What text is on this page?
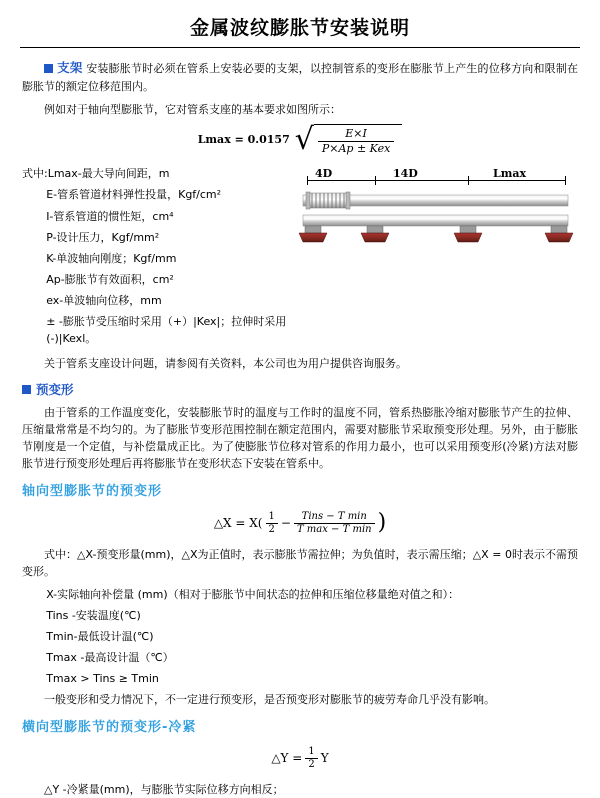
金属波纹膨胀节安装说明

支架 安装膨胀节时必须在管系上安装必要的支架，以控制管系的变形在膨胀节上产生的位移方向和限制在膨胀节的额定位移范围内。

例如对于轴向型膨胀节，它对管系支座的基本要求如图所示：

Lmax = 0.0157 √ $\frac{E\times I}{\text{P×Ap ± Kex}}$
4D	14D	Lmax
式中:Lmax-最大导向间距，m
E-管系管道材料弹性投量，Kgf/cm²
I-管系管道的惯性矩，cm⁴
P-设计压力，Kgf/mm²
K-单波轴向刚度；Kgf/mm
Ap-膨胀节有效面积，cm²
ex-单波轴向位移，mm
± -膨胀节受压缩时采用（+）|Kex|；拉伸时采用(-)|Kexl。

关于管系支座设计问题，请参阅有关资料，本公司也为用户提供咨询服务。

预变形

由于管系的工作温度变化，安装膨胀节时的温度与工作时的温度不同，管系热膨胀冷缩对膨胀节产生的拉伸、压缩量常常是不均匀的。为了膨胀节变形范围控制在额定范围内，需要对膨胀节采取预变形处理。另外，由于膨胀节刚度是一个定值，与补偿量成正比。为了使膨胀节位移对管系的作用力最小，也可以采用预变形(冷紧)方法对膨胀节进行预变形处理后再将膨胀节在变形状态下安装在管系中。

轴向型膨胀节的预变形
△X = $X( \frac{1}{2} - \frac{\text{Tins − T min}}{\text{T max − T min}}$ )

式中：△X-预变形量(mm)，△X为正值时，表示膨胀节需拉伸；为负值时，表示需压缩；△X = 0时表示不需预变形。

X-实际轴向补偿量 (mm)（相对于膨胀节中间状态的拉伸和压缩位移量绝对值之和）：
Tins -安装温度(℃)
Tmin-最低设计温(℃)
Tmax -最高设计温（℃）
Tmax > Tins ≥ Tmin

一般变形和受力情况下，不一定进行预变形，是否预变形对膨胀节的疲劳寿命几乎没有影响。

横向型膨胀节的预变形-冷紧
△Y = $\frac{1}{2}$ Y

△Y -冷紧量(mm)，与膨胀节实际位移方向相反；
